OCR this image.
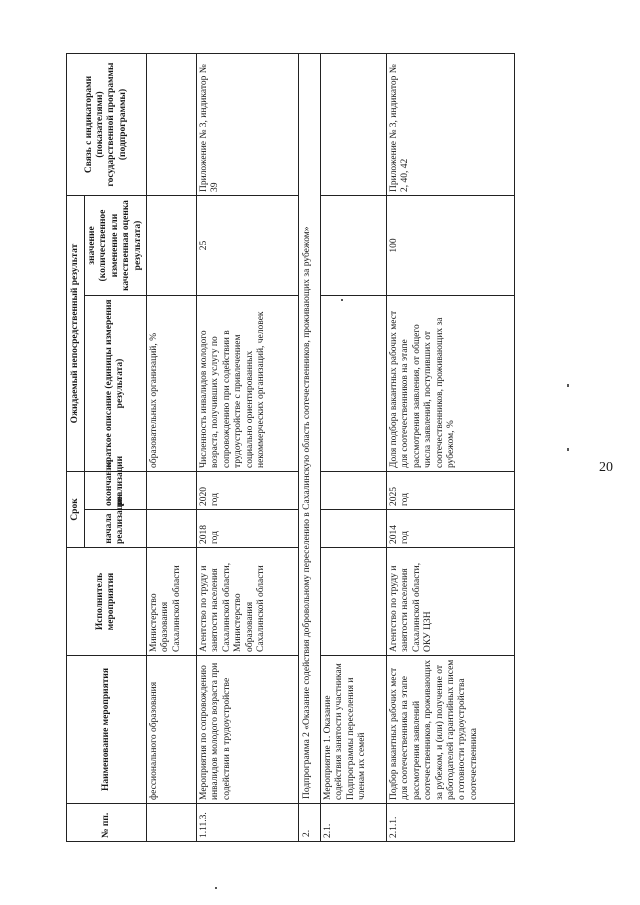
20
№ пп.	Наименование мероприятия	Исполнитель мероприятия	Срок		Ожидаемый непосредственный результат		Связь с индикаторами (показателями) государственной программы (подпрограммы)
			начала реализации	окончания реализации	краткое описание (единицы измерения результата)	значение (количественное изменение или качественная оценка результата)	
	фессионального образования	Министерство образования Сахалинской области			образовательных организаций, %		
1.11.3.	Мероприятия по сопровождению инвалидов молодого возраста при содействии в трудоустройстве	Агентство по труду и занятости населения Сахалинской области, Министерство образования Сахалинской области	2018 год	2020 год	Численность инвалидов молодого возраста, получивших услугу по сопровождению при содействии в трудоустройстве с привлечением социально ориентированных некоммерческих организаций, человек	25	Приложение № 3, индикатор № 39
2.	Подпрограмма 2 «Оказание содействия добровольному переселению в Сахалинскую область соотечественников, проживающих за рубежом»						
2.1.	Мероприятие 1. Оказание содействия занятости участникам Подпрограммы переселения и членам их семей						
2.1.1.	Подбор вакантных рабочих мест для соотечественника на этапе рассмотрения заявлений соотечественников, проживающих за рубежом, и (или) получение от работодателей гарантийных писем о готовности трудоустройства соотечественника	Агентство по труду и занятости населения Сахалинской области, ОКУ ЦЗН	2014 год	2025 год	Доля подбора вакантных рабочих мест для соотечественников на этапе рассмотрения заявления, от общего числа заявлений, поступивших от соотечественников, проживающих за рубежом, %	100	Приложение № 3, индикатор № 2, 40, 42
